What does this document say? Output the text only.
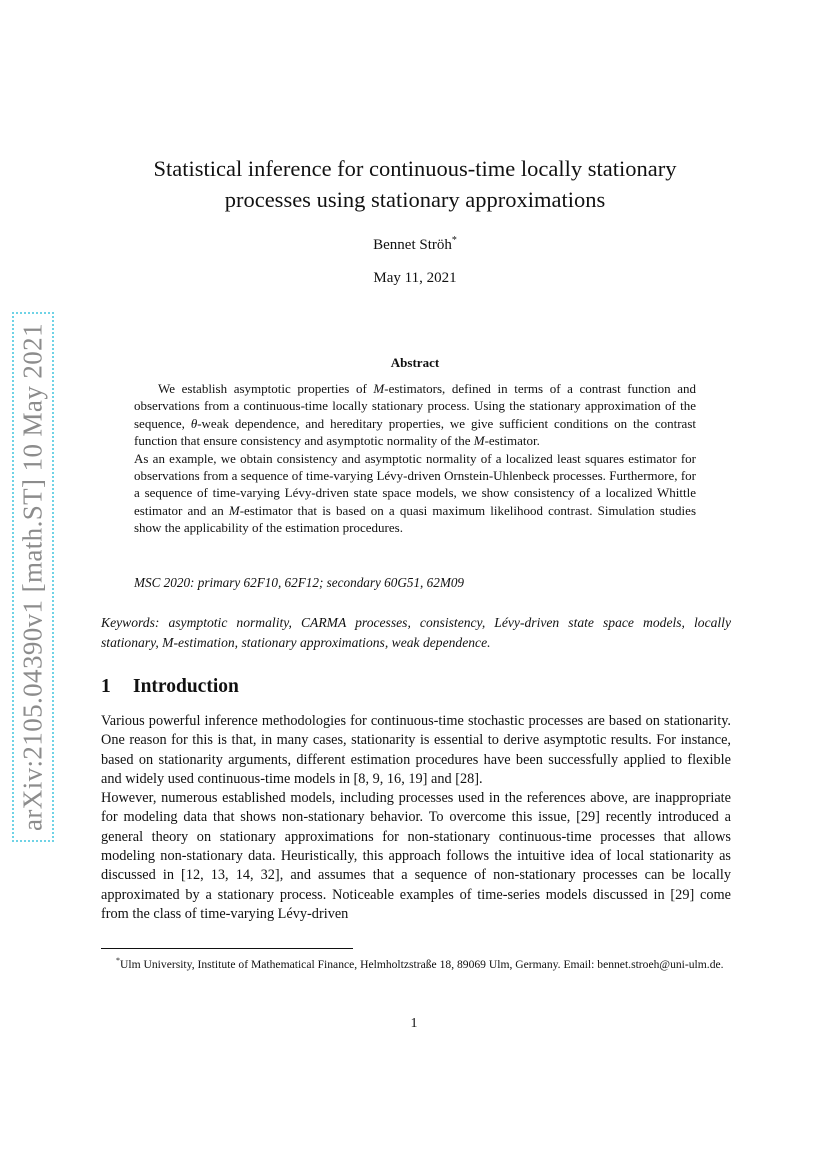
arXiv:2105.04390v1 [math.ST] 10 May 2021
Statistical inference for continuous-time locally stationary
processes using stationary approximations
Bennet Ströh*
May 11, 2021
Abstract

We establish asymptotic properties of M-estimators, defined in terms of a contrast function and observations from a continuous-time locally stationary process. Using the stationary approximation of the sequence, θ-weak dependence, and hereditary properties, we give sufficient conditions on the contrast function that ensure consistency and asymptotic normality of the M-estimator.

As an example, we obtain consistency and asymptotic normality of a localized least squares estimator for observations from a sequence of time-varying Lévy-driven Ornstein-Uhlenbeck processes. Furthermore, for a sequence of time-varying Lévy-driven state space models, we show consistency of a localized Whittle estimator and an M-estimator that is based on a quasi maximum likelihood contrast. Simulation studies show the applicability of the estimation procedures.

MSC 2020: primary 62F10, 62F12; secondary 60G51, 62M09
Keywords: asymptotic normality, CARMA processes, consistency, Lévy-driven state space models, locally stationary, M-estimation, stationary approximations, weak dependence.
1 Introduction

Various powerful inference methodologies for continuous-time stochastic processes are based on stationarity. One reason for this is that, in many cases, stationarity is essential to derive asymptotic results. For instance, based on stationarity arguments, different estimation procedures have been successfully applied to flexible and widely used continuous-time models in [8, 9, 16, 19] and [28].

However, numerous established models, including processes used in the references above, are inappropriate for modeling data that shows non-stationary behavior. To overcome this issue, [29] recently introduced a general theory on stationary approximations for non-stationary continuous-time processes that allows modeling non-stationary data. Heuristically, this approach follows the intuitive idea of local stationarity as discussed in [12, 13, 14, 32], and assumes that a sequence of non-stationary processes can be locally approximated by a stationary process. Noticeable examples of time-series models discussed in [29] come from the class of time-varying Lévy-driven

*Ulm University, Institute of Mathematical Finance, Helmholtzstraße 18, 89069 Ulm, Germany. Email: bennet.stroeh@uni-ulm.de.
1
